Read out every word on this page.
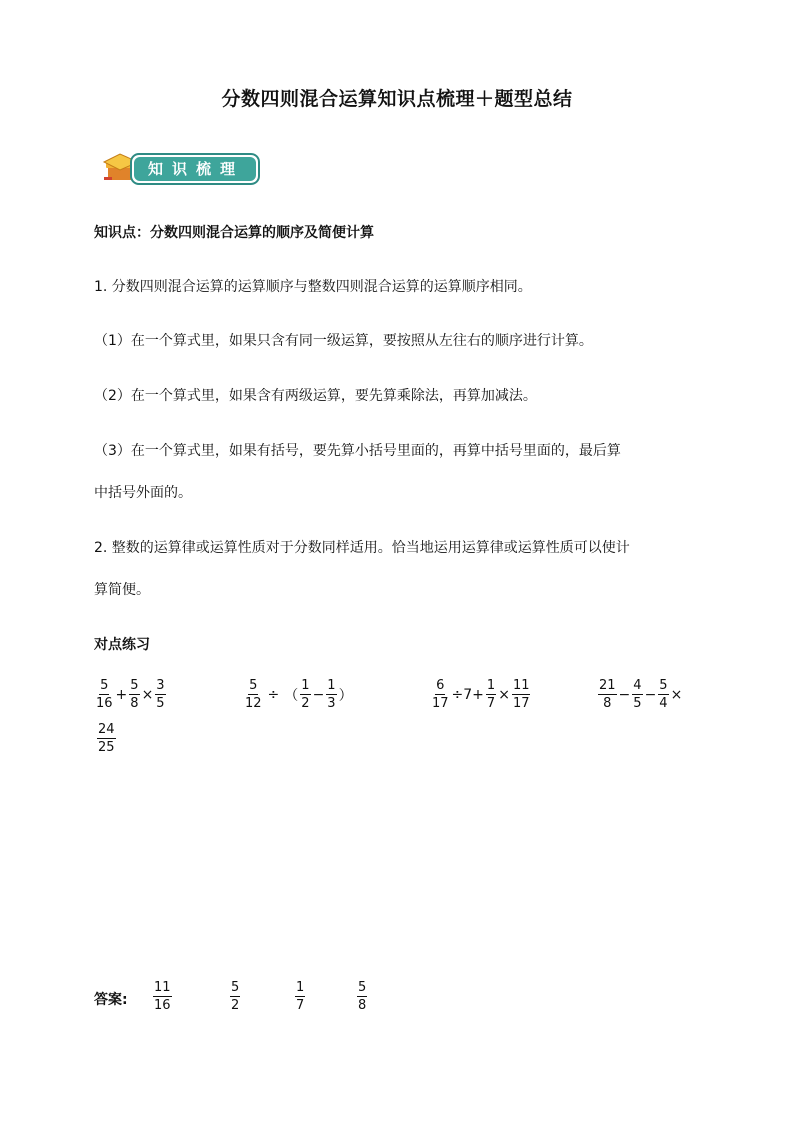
分数四则混合运算知识点梳理＋题型总结
知识梳理
知识点：分数四则混合运算的顺序及简便计算
1. 分数四则混合运算的运算顺序与整数四则混合运算的运算顺序相同。
（1）在一个算式里，如果只含有同一级运算，要按照从左往右的顺序进行计算。
（2）在一个算式里，如果含有两级运算，要先算乘除法，再算加减法。
（3）在一个算式里，如果有括号，要先算小括号里面的，再算中括号里面的，最后算
中括号外面的。
2. 整数的运算律或运算性质对于分数同样适用。恰当地运用运算律或运算性质可以使计
算简便。
对点练习
$\frac{5}{16} + \frac{5}{8} \times \frac{3}{5}$	$\frac{5}{12}$ ÷ （ $\frac{1}{2} - \frac{1}{3}$ ）	$\frac{6}{17} \div 7+ \frac{1}{7} \times \frac{11}{17}$	$\frac{21}{8} - \frac{4}{5} - \frac{5}{4}$ ×
$\frac{24}{25}$
答案: $\frac{11}{16}$	$\frac{5}{2}$	$\frac{1}{7}$	$\frac{5}{8}$
